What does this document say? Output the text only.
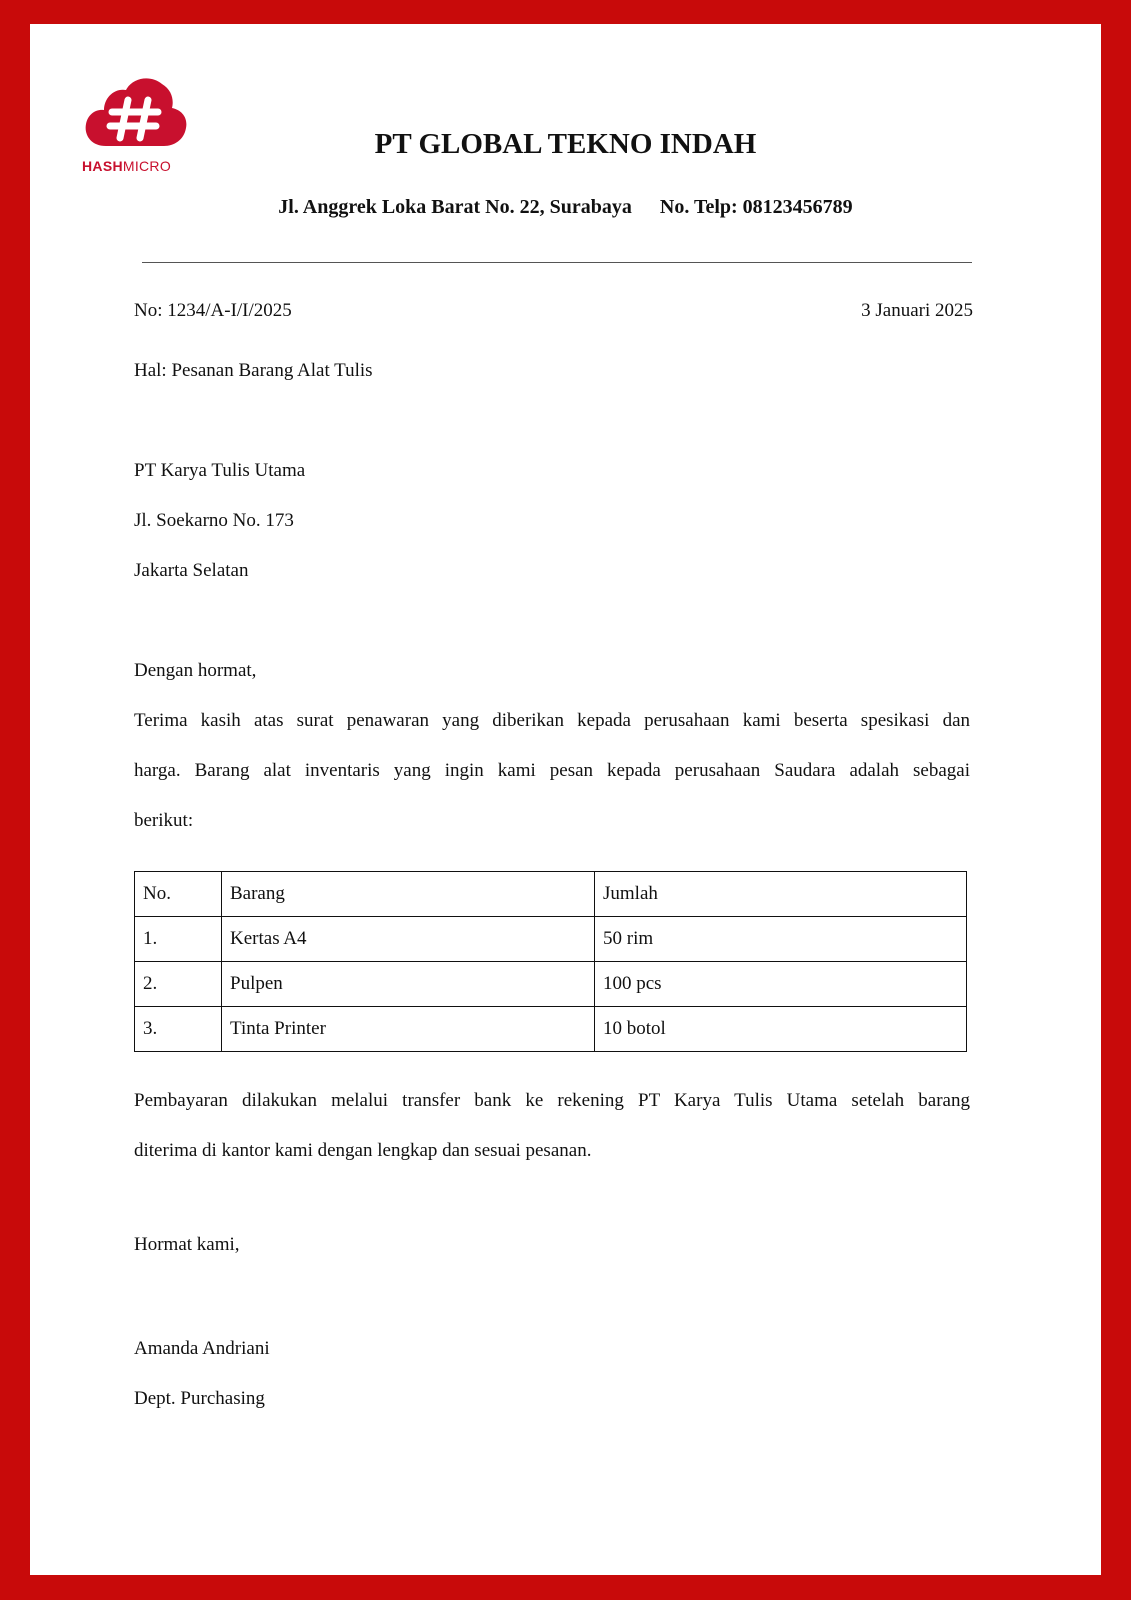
HASHMICRO
PT GLOBAL TEKNO INDAH
Jl. Anggrek Loka Barat No. 22, Surabaya No. Telp: 08123456789
No: 1234/A-I/I/2025	3 Januari 2025
Hal: Pesanan Barang Alat Tulis
PT Karya Tulis Utama
Jl. Soekarno No. 173
Jakarta Selatan
Dengan hormat,
Terima kasih atas surat penawaran yang diberikan kepada perusahaan kami beserta spesikasi dan
harga. Barang alat inventaris yang ingin kami pesan kepada perusahaan Saudara adalah sebagai
berikut:
No.	Barang	Jumlah
1.	Kertas A4	50 rim
2.	Pulpen	100 pcs
3.	Tinta Printer	10 botol
Pembayaran dilakukan melalui transfer bank ke rekening PT Karya Tulis Utama setelah barang
diterima di kantor kami dengan lengkap dan sesuai pesanan.
Hormat kami,
Amanda Andriani
Dept. Purchasing
